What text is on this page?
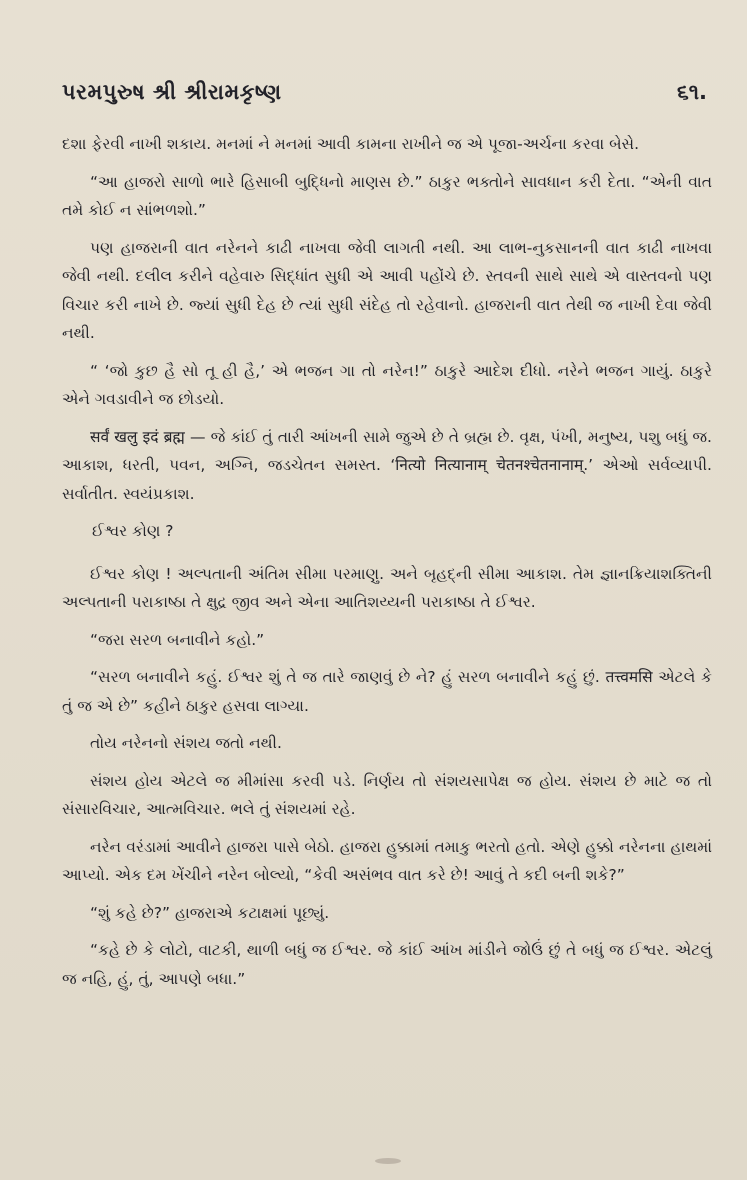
પરમપુરુષ શ્રી શ્રીરામકૃષ્ણ	૬૧.

દશા ફેરવી નાખી શકાય. મનમાં ને મનમાં આવી કામના રાખીને જ એ પૂજા-અર્ચના કરવા બેસે.

“આ હાજરો સાળો ભારે હિસાબી બુદ્ધિનો માણસ છે.” ઠાકુર ભક્તોને સાવધાન કરી દેતા. “એની વાત તમે કોઈ ન સાંભળશો.”

પણ હાજરાની વાત નરેનને કાઢી નાખવા જેવી લાગતી નથી. આ લાભ-નુકસાનની વાત કાઢી નાખવા જેવી નથી. દલીલ કરીને વહેવારુ સિદ્ધાંત સુધી એ આવી પહોંચે છે. સ્તવની સાથે સાથે એ વાસ્તવનો પણ વિચાર કરી નાખે છે. જ્યાં સુધી દેહ છે ત્યાં સુધી સંદેહ તો રહેવાનો. હાજરાની વાત તેથી જ નાખી દેવા જેવી નથી.

“ ‘જો કુછ હૈ સો તૂ હી હૈ,’ એ ભજન ગા તો નરેન!” ઠાકુરે આદેશ દીધો. નરેને ભજન ગાયું. ઠાકુરે એને ગવડાવીને જ છોડયો.

सर्वं खलु इदं ब्रह्म — જે કાંઈ તું તારી આંખની સામે જુએ છે તે બ્રહ્મ છે. વૃક્ષ, પંખી, મનુષ્ય, પશુ બધું જ. આકાશ, ધરતી, પવન, અગ્નિ, જડચેતન સમસ્ત. ‘नित्यो नित्यानाम् चेतनश्चेतनानाम्.’ એઓ સર્વવ્યાપી. સર્વાતીત. સ્વયંપ્રકાશ.

ઈશ્વર કોણ ?

ઈશ્વર કોણ ! અલ્પતાની અંતિમ સીમા પરમાણુ. અને બૃહદ્‌ની સીમા આકાશ. તેમ જ્ઞાનક્રિયાશક્તિની અલ્પતાની પરાકાષ્ઠા તે ક્ષુદ્ર જીવ અને એના આતિશય્યની પરાકાષ્ઠા તે ઈશ્વર.

“જરા સરળ બનાવીને કહો.”

“સરળ બનાવીને કહું. ઈશ્વર શું તે જ તારે જાણવું છે ને? હું સરળ બનાવીને કહું છું. तत्त्वमसि એટલે કે તું જ એ છે” કહીને ઠાકુર હસવા લાગ્યા.

તોય નરેનનો સંશય જતો નથી.

સંશય હોય એટલે જ મીમાંસા કરવી પડે. નિર્ણય તો સંશયસાપેક્ષ જ હોય. સંશય છે માટે જ તો સંસારવિચાર, આત્મવિચાર. ભલે તું સંશયમાં રહે.

નરેન વરંડામાં આવીને હાજરા પાસે બેઠો. હાજરા હુક્કામાં તમાકુ ભરતો હતો. એણે હુક્કો નરેનના હાથમાં આપ્યો. એક દમ ખેંચીને નરેન બોલ્યો, “કેવી અસંભવ વાત કરે છે! આવું તે કદી બની શકે?”

“શું કહે છે?” હાજરાએ કટાક્ષમાં પૂછ્યું.

“કહે છે કે લોટો, વાટકી, થાળી બધું જ ઈશ્વર. જે કાંઈ આંખ માંડીને જોઉં છું તે બધું જ ઈશ્વર. એટલું જ નહિ, હું, તું, આપણે બધા.”
